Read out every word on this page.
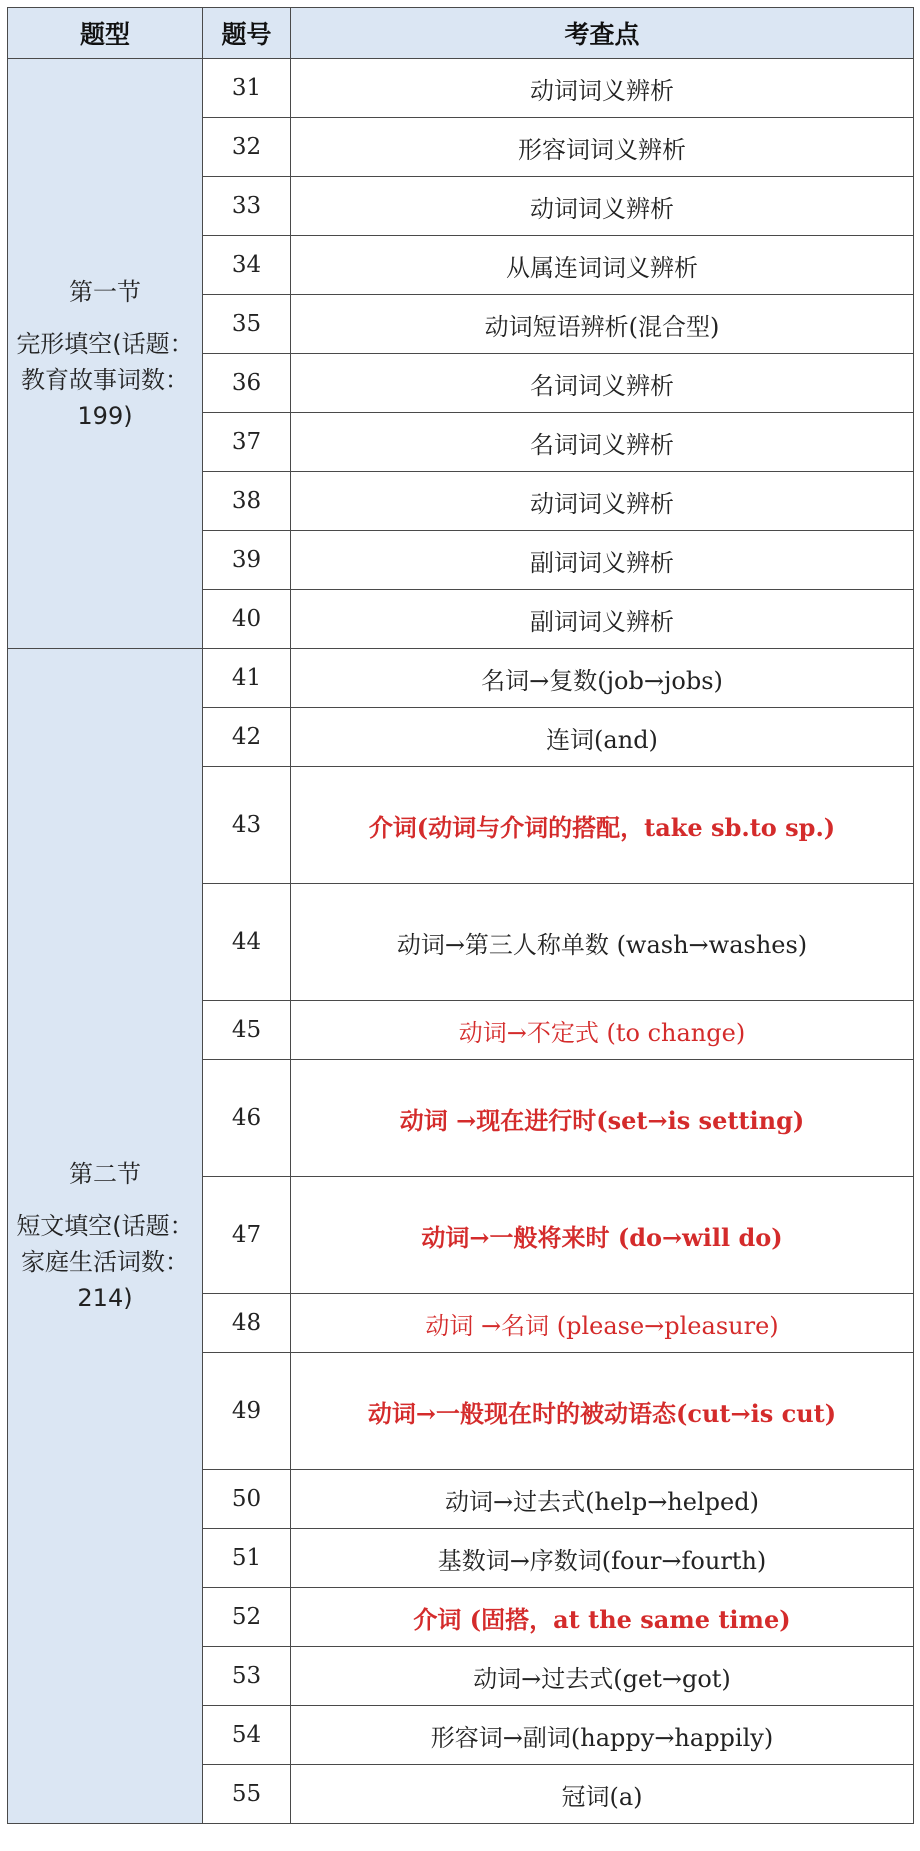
题型	题号	考查点

第一节
完形填空(话题：教育故事词数：199)	31	动词词义辨析
	32	形容词词义辨析
	33	动词词义辨析
	34	从属连词词义辨析
	35	动词短语辨析(混合型)
	36	名词词义辨析
	37	名词词义辨析
	38	动词词义辨析
	39	副词词义辨析
	40	副词词义辨析

第二节
短文填空(话题：家庭生活词数：214)	41	名词→复数(job→jobs)
	42	连词(and)
	43	介词(动词与介词的搭配，take sb.to sp.)
	44	动词→第三人称单数 (wash→washes)
	45	动词→不定式 (to change)
	46	动词 →现在进行时(set→is setting)
	47	动词→一般将来时 (do→will do)
	48	动词 →名词 (please→pleasure)
	49	动词→一般现在时的被动语态(cut→is cut)
	50	动词→过去式(help→helped)
	51	基数词→序数词(four→fourth)
	52	介词 (固搭，at the same time)
	53	动词→过去式(get→got)
	54	形容词→副词(happy→happily)
	55	冠词(a)
